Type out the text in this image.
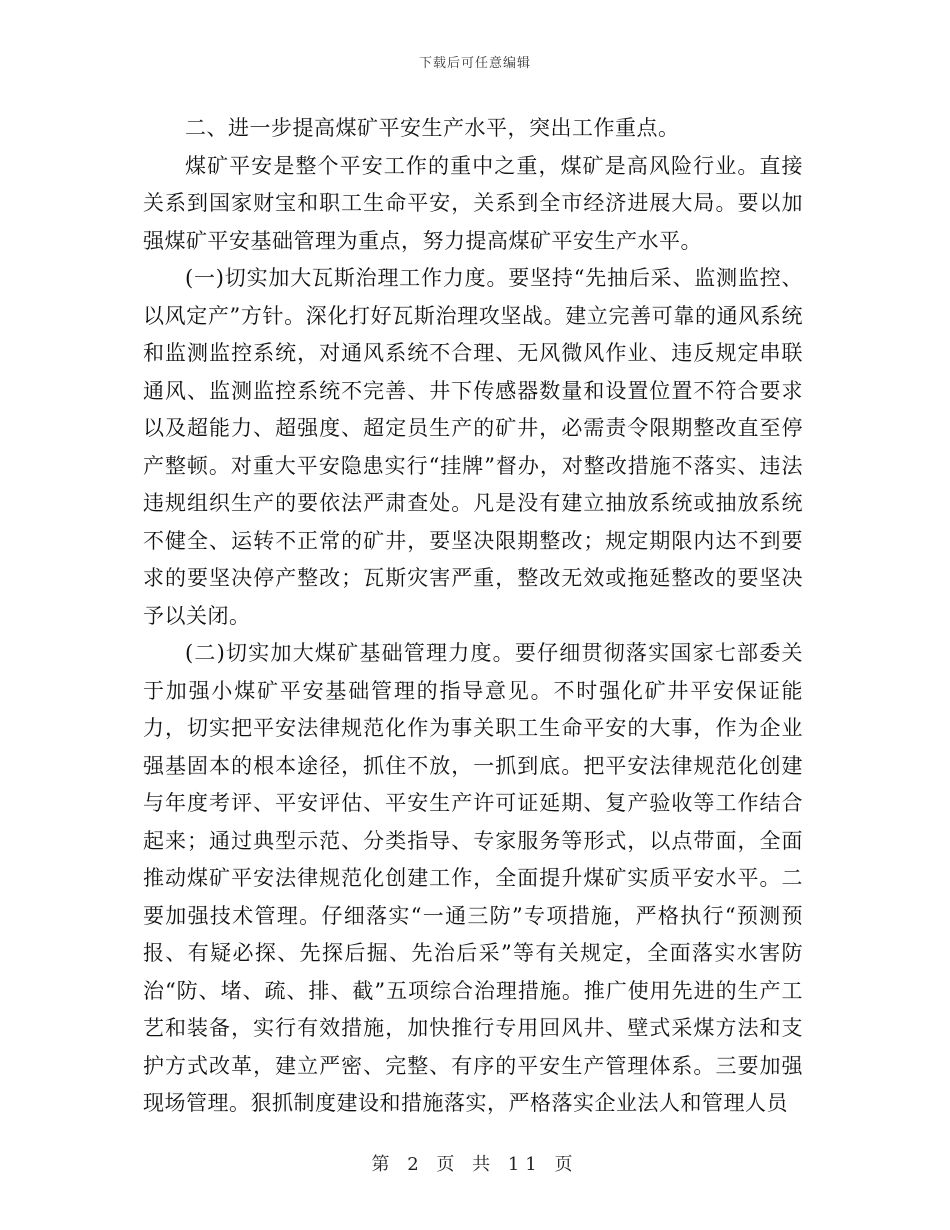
下载后可任意编辑

二、进一步提高煤矿平安生产水平，突出工作重点。

煤矿平安是整个平安工作的重中之重，煤矿是高风险行业。直接关系到国家财宝和职工生命平安，关系到全市经济进展大局。要以加强煤矿平安基础管理为重点，努力提高煤矿平安生产水平。

(一)切实加大瓦斯治理工作力度。要坚持“先抽后采、监测监控、以风定产”方针。深化打好瓦斯治理攻坚战。建立完善可靠的通风系统和监测监控系统，对通风系统不合理、无风微风作业、违反规定串联通风、监测监控系统不完善、井下传感器数量和设置位置不符合要求以及超能力、超强度、超定员生产的矿井，必需责令限期整改直至停产整顿。对重大平安隐患实行“挂牌”督办，对整改措施不落实、违法违规组织生产的要依法严肃查处。凡是没有建立抽放系统或抽放系统不健全、运转不正常的矿井，要坚决限期整改；规定期限内达不到要求的要坚决停产整改；瓦斯灾害严重，整改无效或拖延整改的要坚决予以关闭。

(二)切实加大煤矿基础管理力度。要仔细贯彻落实国家七部委关于加强小煤矿平安基础管理的指导意见。不时强化矿井平安保证能力，切实把平安法律规范化作为事关职工生命平安的大事，作为企业强基固本的根本途径，抓住不放，一抓到底。把平安法律规范化创建与年度考评、平安评估、平安生产许可证延期、复产验收等工作结合起来；通过典型示范、分类指导、专家服务等形式，以点带面，全面推动煤矿平安法律规范化创建工作，全面提升煤矿实质平安水平。二要加强技术管理。仔细落实“一通三防”专项措施，严格执行“预测预报、有疑必探、先探后掘、先治后采”等有关规定，全面落实水害防治“防、堵、疏、排、截”五项综合治理措施。推广使用先进的生产工艺和装备，实行有效措施，加快推行专用回风井、壁式采煤方法和支护方式改革，建立严密、完整、有序的平安生产管理体系。三要加强现场管理。狠抓制度建设和措施落实，严格落实企业法人和管理人员

第 2 页 共 11 页
